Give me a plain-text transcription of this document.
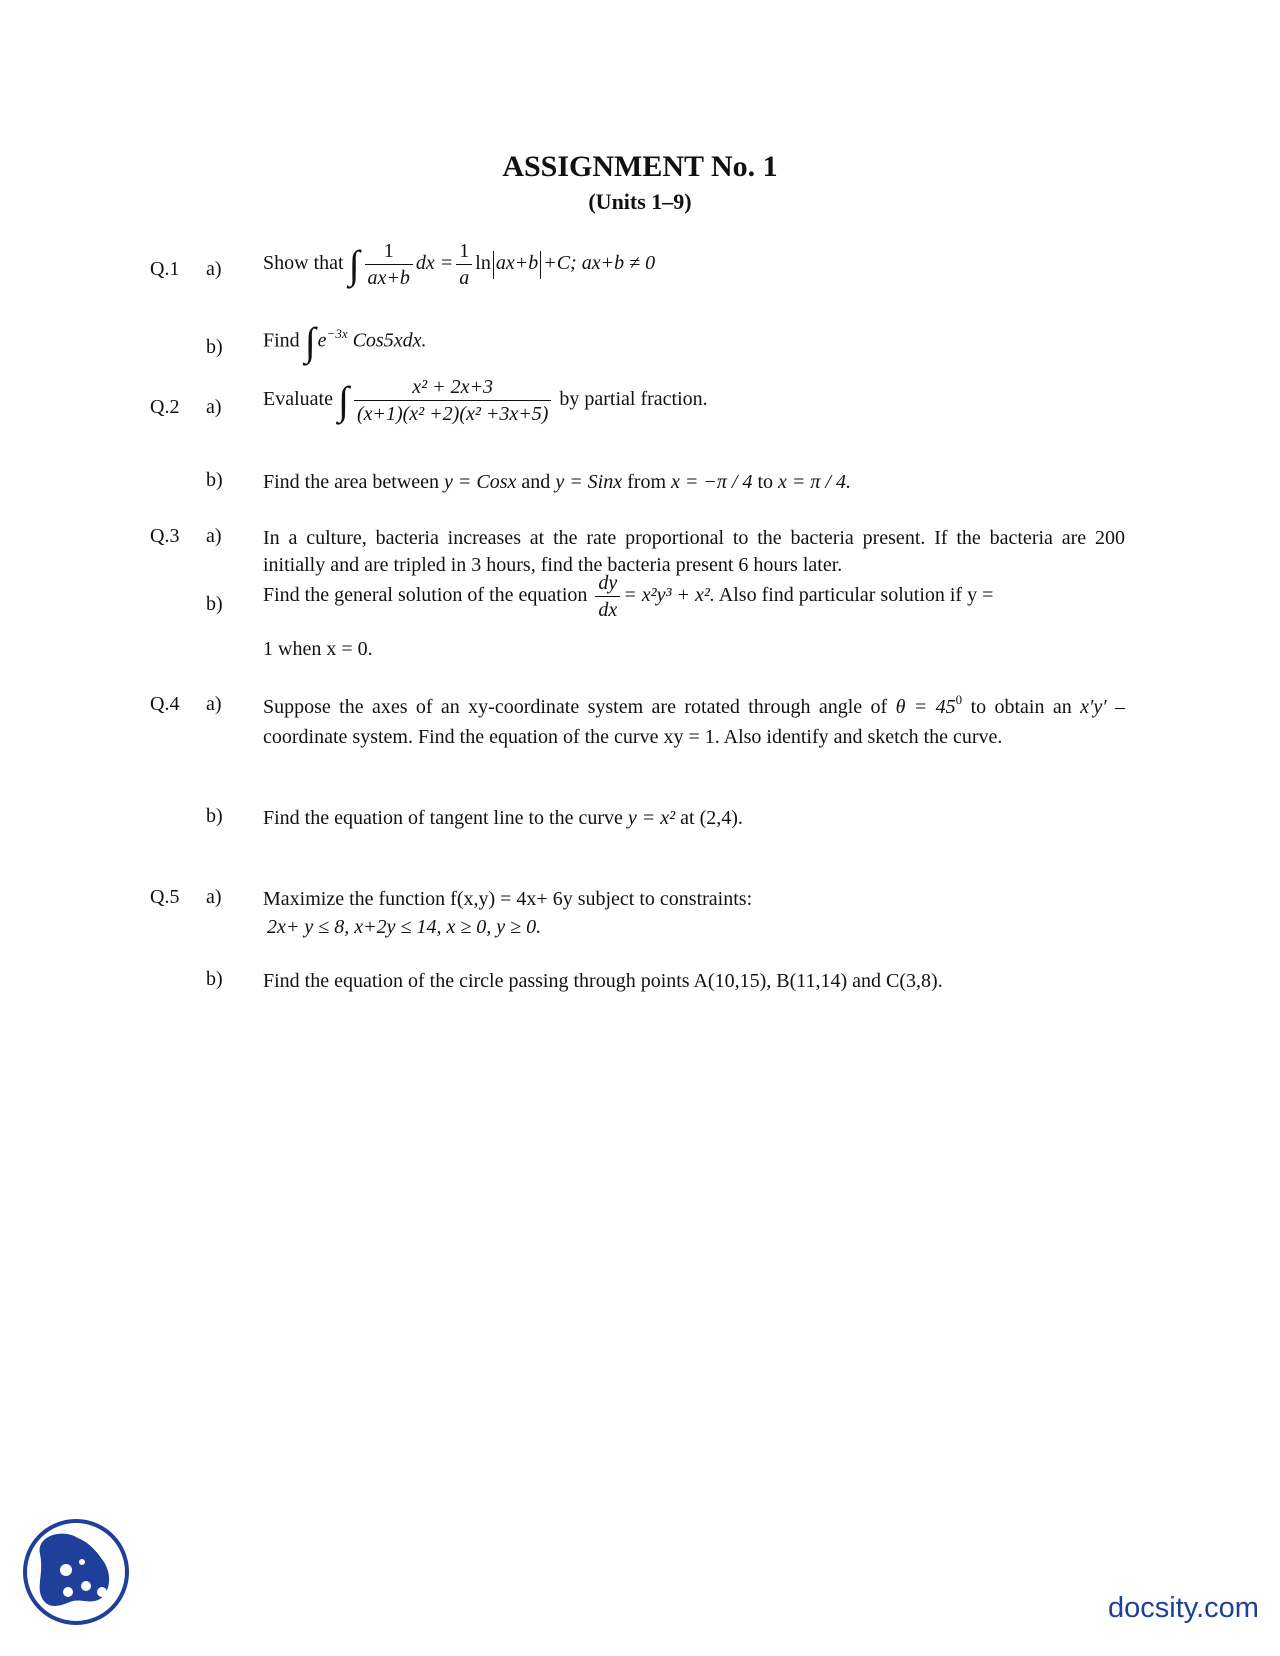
ASSIGNMENT No. 1
(Units 1–9)
Q.1 a) Show that ∫ $\frac{1}{ax+b}$ dx = $\frac{1}{a}$ ln ax+b +C; ax+b ≠ 0
b) Find ∫ $e^{-3x}$ Cos5xdx.
Q.2 a) Evaluate ∫ $\frac{\text{x² + 2x+3}}{\text{(x+1)(x² +2)(x² +3x+5)}}$ by partial fraction.
b) Find the area between y = Cosx and y = Sinx from x = −π / 4 to x = π / 4.
Q.3 a) In a culture, bacteria increases at the rate proportional to the bacteria present. If the bacteria are 200 initially and are tripled in 3 hours, find the bacteria present 6 hours later.
b) Find the general solution of the equation $\frac{dy}{dx} = x^2y^3 + x^2$. Also find particular solution if y =
1 when x = 0.
Q.4 a) Suppose the axes of an xy-coordinate system are rotated through angle of $\theta = 45^0$ to obtain an x′y′ – coordinate system. Find the equation of the curve xy = 1. Also identify and sketch the curve.
b) Find the equation of tangent line to the curve y = x² at (2,4).
Q.5 a) Maximize the function f(x,y) = 4x+ 6y subject to constraints:
2x+ y ≤ 8, x+2y ≤ 14, x ≥ 0, y ≥ 0.
b) Find the equation of the circle passing through points A(10,15), B(11,14) and C(3,8).
docsity.com
